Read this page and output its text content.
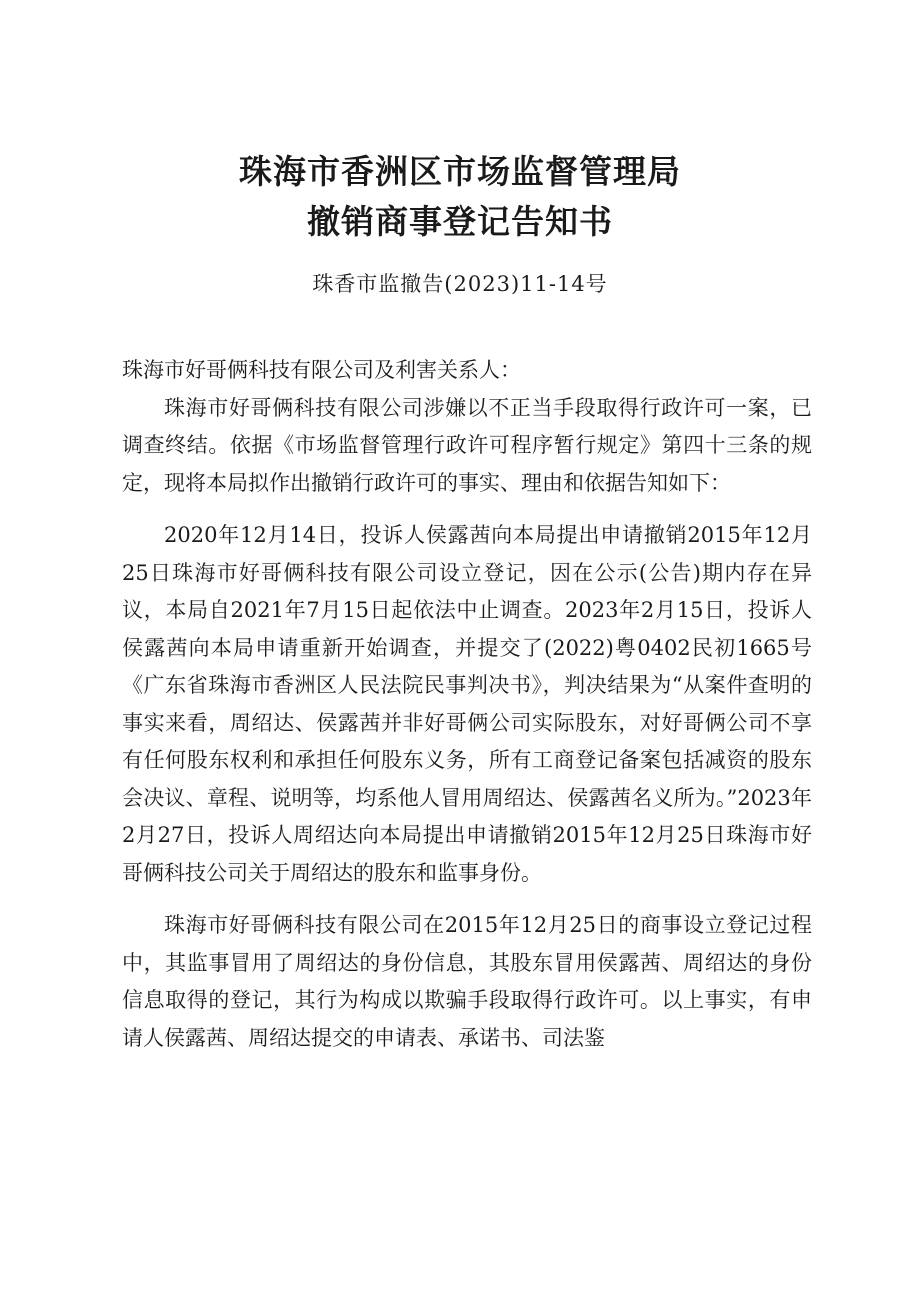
珠海市香洲区市场监督管理局
撤销商事登记告知书
珠香市监撤告(2023)11-14号

珠海市好哥俩科技有限公司及利害关系人：

珠海市好哥俩科技有限公司涉嫌以不正当手段取得行政许可一案，已调查终结。依据《市场监督管理行政许可程序暂行规定》第四十三条的规定，现将本局拟作出撤销行政许可的事实、理由和依据告知如下：

2020年12月14日，投诉人侯露茜向本局提出申请撤销2015年12月25日珠海市好哥俩科技有限公司设立登记，因在公示(公告)期内存在异议，本局自2021年7月15日起依法中止调查。2023年2月15日，投诉人侯露茜向本局申请重新开始调查，并提交了(2022)粤0402民初1665号《广东省珠海市香洲区人民法院民事判决书》，判决结果为“从案件查明的事实来看，周绍达、侯露茜并非好哥俩公司实际股东，对好哥俩公司不享有任何股东权利和承担任何股东义务，所有工商登记备案包括减资的股东会决议、章程、说明等，均系他人冒用周绍达、侯露茜名义所为。”2023年2月27日，投诉人周绍达向本局提出申请撤销2015年12月25日珠海市好哥俩科技公司关于周绍达的股东和监事身份。

珠海市好哥俩科技有限公司在2015年12月25日的商事设立登记过程中，其监事冒用了周绍达的身份信息，其股东冒用侯露茜、周绍达的身份信息取得的登记，其行为构成以欺骗手段取得行政许可。以上事实，有申请人侯露茜、周绍达提交的申请表、承诺书、司法鉴
